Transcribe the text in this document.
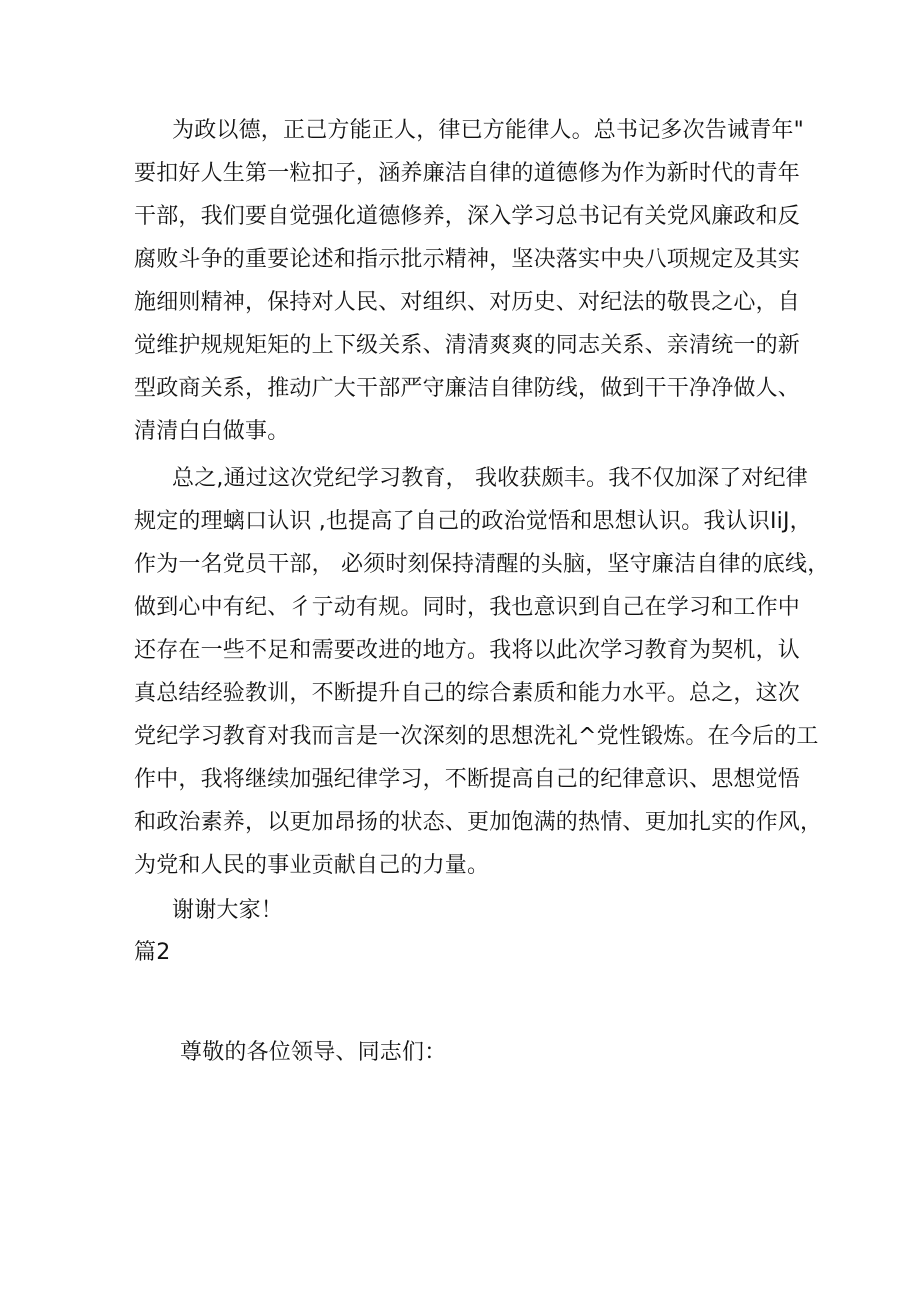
为政以德，正己方能正人，律已方能律人。总书记多次告诫青年"
要扣好人生第一粒扣子，涵养廉洁自律的道德修为作为新时代的青年
干部，我们要自觉强化道德修养，深入学习总书记有关党风廉政和反
腐败斗争的重要论述和指示批示精神，坚决落实中央八项规定及其实
施细则精神，保持对人民、对组织、对历史、对纪法的敬畏之心，自
觉维护规规矩矩的上下级关系、清清爽爽的同志关系、亲清统一的新
型政商关系，推动广大干部严守廉洁自律防线，做到干干净净做人、
清清白白做事。
总之,通过这次党纪学习教育， 我收获颇丰。我不仅加深了对纪律
规定的理螭口认识 ,也提高了自己的政治觉悟和思想认识。我认识IiJ，
作为一名党员干部， 必须时刻保持清醒的头脑，坚守廉洁自律的底线，
做到心中有纪、彳亍动有规。同时，我也意识到自己在学习和工作中
还存在一些不足和需要改进的地方。我将以此次学习教育为契机，认
真总结经验教训，不断提升自己的综合素质和能力水平。总之，这次
党纪学习教育对我而言是一次深刻的思想洗礼^党性锻炼。在今后的工
作中，我将继续加强纪律学习，不断提高自己的纪律意识、思想觉悟
和政治素养，以更加昂扬的状态、更加饱满的热情、更加扎实的作风，
为党和人民的事业贡献自己的力量。
谢谢大家！
篇2
尊敬的各位领导、同志们：
